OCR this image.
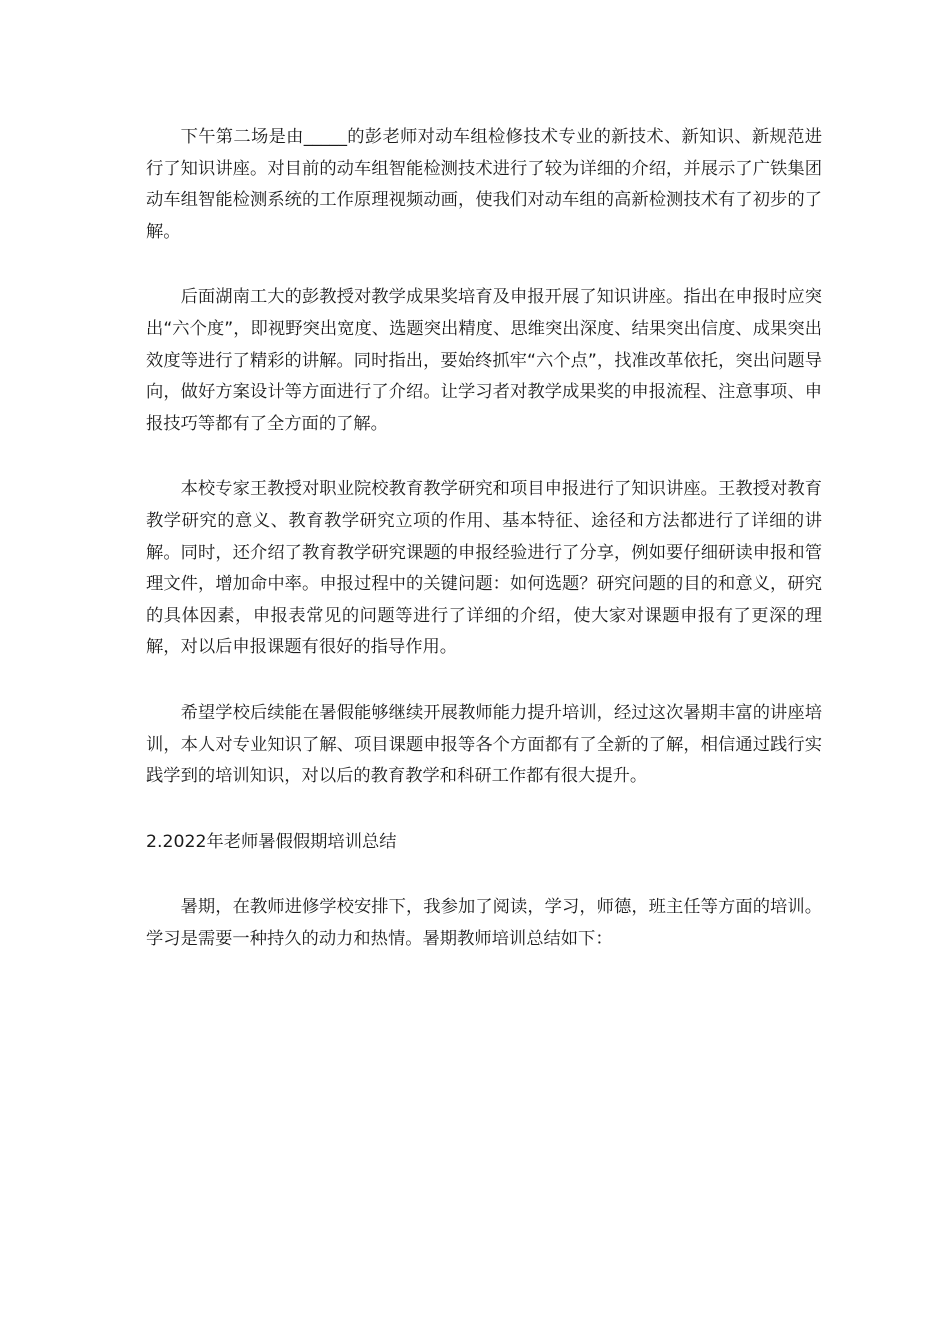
下午第二场是由_____的彭老师对动车组检修技术专业的新技术、新知识、新规范进行了知识讲座。对目前的动车组智能检测技术进行了较为详细的介绍，并展示了广铁集团动车组智能检测系统的工作原理视频动画，使我们对动车组的高新检测技术有了初步的了解。

后面湖南工大的彭教授对教学成果奖培育及申报开展了知识讲座。指出在申报时应突出“六个度”，即视野突出宽度、选题突出精度、思维突出深度、结果突出信度、成果突出效度等进行了精彩的讲解。同时指出，要始终抓牢“六个点”，找准改革依托，突出问题导向，做好方案设计等方面进行了介绍。让学习者对教学成果奖的申报流程、注意事项、申报技巧等都有了全方面的了解。

本校专家王教授对职业院校教育教学研究和项目申报进行了知识讲座。王教授对教育教学研究的意义、教育教学研究立项的作用、基本特征、途径和方法都进行了详细的讲解。同时，还介绍了教育教学研究课题的申报经验进行了分享，例如要仔细研读申报和管理文件，增加命中率。申报过程中的关键问题：如何选题？研究问题的目的和意义，研究的具体因素，申报表常见的问题等进行了详细的介绍，使大家对课题申报有了更深的理解，对以后申报课题有很好的指导作用。

希望学校后续能在暑假能够继续开展教师能力提升培训，经过这次暑期丰富的讲座培训，本人对专业知识了解、项目课题申报等各个方面都有了全新的了解，相信通过践行实践学到的培训知识，对以后的教育教学和科研工作都有很大提升。

2.2022年老师暑假假期培训总结

暑期，在教师进修学校安排下，我参加了阅读，学习，师德，班主任等方面的培训。学习是需要一种持久的动力和热情。暑期教师培训总结如下：
